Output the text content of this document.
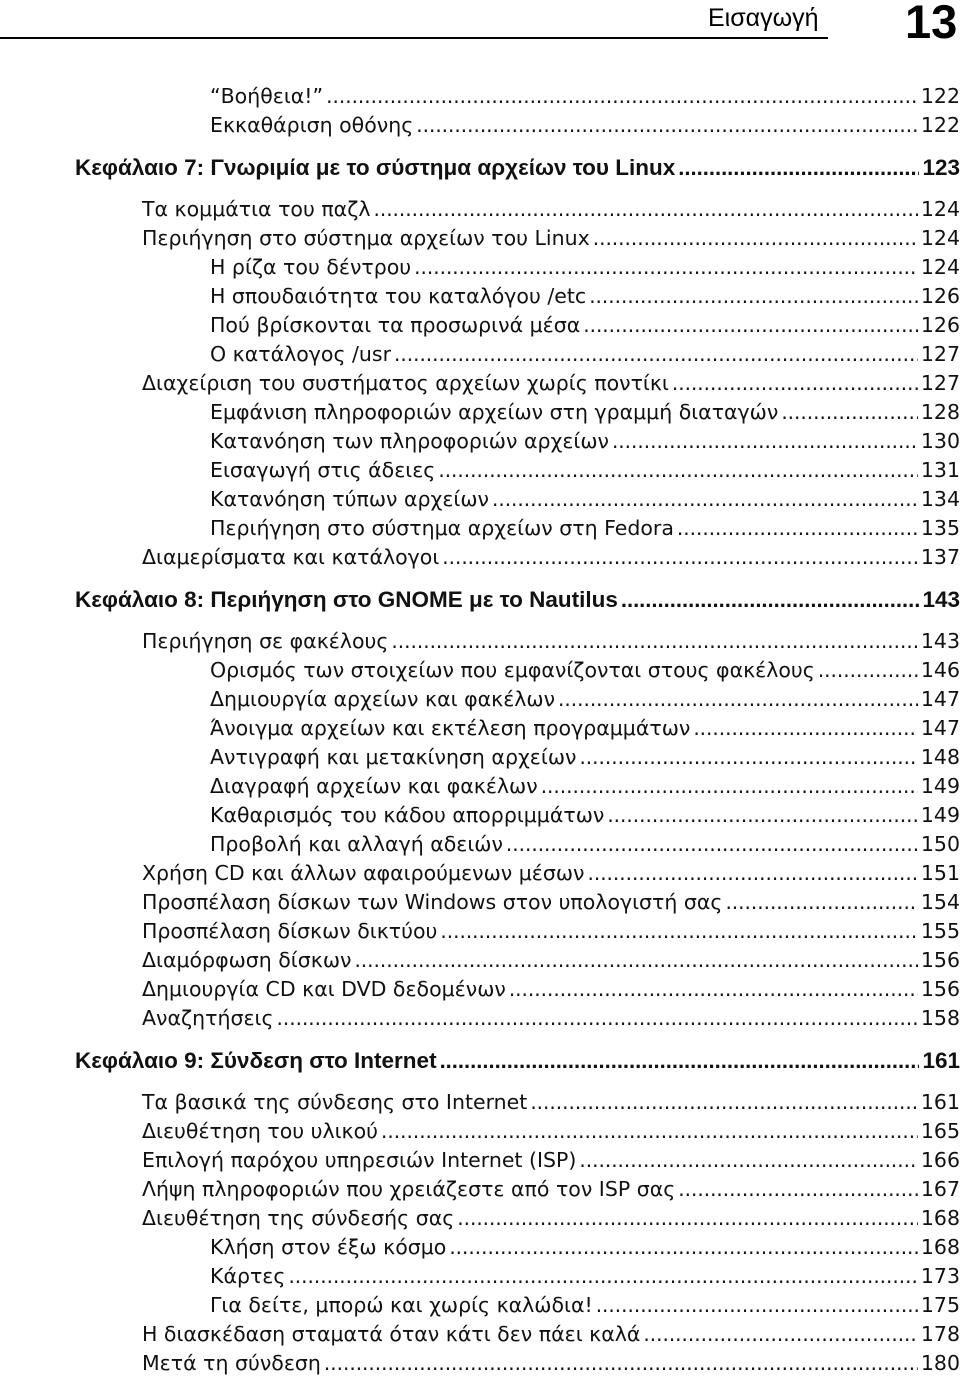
Εισαγωγή 13
“Βοήθεια!” .....	122
Εκκαθάριση οθόνης .....	122
Κεφάλαιο 7: Γνωριμία με το σύστημα αρχείων του Linux .....	123
Τα κομμάτια του παζλ .....	124
Περιήγηση στο σύστημα αρχείων του Linux .....	124
Η ρίζα του δέντρου .....	124
Η σπουδαιότητα του καταλόγου /etc .....	126
Πού βρίσκονται τα προσωρινά μέσα .....	126
Ο κατάλογος /usr .....	127
Διαχείριση του συστήματος αρχείων χωρίς ποντίκι .....	127
Εμφάνιση πληροφοριών αρχείων στη γραμμή διαταγών .....	128
Κατανόηση των πληροφοριών αρχείων .....	130
Εισαγωγή στις άδειες .....	131
Κατανόηση τύπων αρχείων .....	134
Περιήγηση στο σύστημα αρχείων στη Fedora .....	135
Διαμερίσματα και κατάλογοι .....	137
Κεφάλαιο 8: Περιήγηση στο GNOME με το Nautilus .....	143
Περιήγηση σε φακέλους .....	143
Ορισμός των στοιχείων που εμφανίζονται στους φακέλους .....	146
Δημιουργία αρχείων και φακέλων .....	147
Άνοιγμα αρχείων και εκτέλεση προγραμμάτων .....	147
Αντιγραφή και μετακίνηση αρχείων .....	148
Διαγραφή αρχείων και φακέλων .....	149
Καθαρισμός του κάδου απορριμμάτων .....	149
Προβολή και αλλαγή αδειών .....	150
Χρήση CD και άλλων αφαιρούμενων μέσων .....	151
Προσπέλαση δίσκων των Windows στον υπολογιστή σας .....	154
Προσπέλαση δίσκων δικτύου .....	155
Διαμόρφωση δίσκων .....	156
Δημιουργία CD και DVD δεδομένων .....	156
Αναζητήσεις .....	158
Κεφάλαιο 9: Σύνδεση στο Internet .....	161
Τα βασικά της σύνδεσης στο Internet .....	161
Διευθέτηση του υλικού .....	165
Επιλογή παρόχου υπηρεσιών Internet (ISP) .....	166
Λήψη πληροφοριών που χρειάζεστε από τον ISP σας .....	167
Διευθέτηση της σύνδεσής σας .....	168
Κλήση στον έξω κόσμο .....	168
Κάρτες .....	173
Για δείτε, μπορώ και χωρίς καλώδια! .....	175
Η διασκέδαση σταματά όταν κάτι δεν πάει καλά .....	178
Μετά τη σύνδεση .....	180
